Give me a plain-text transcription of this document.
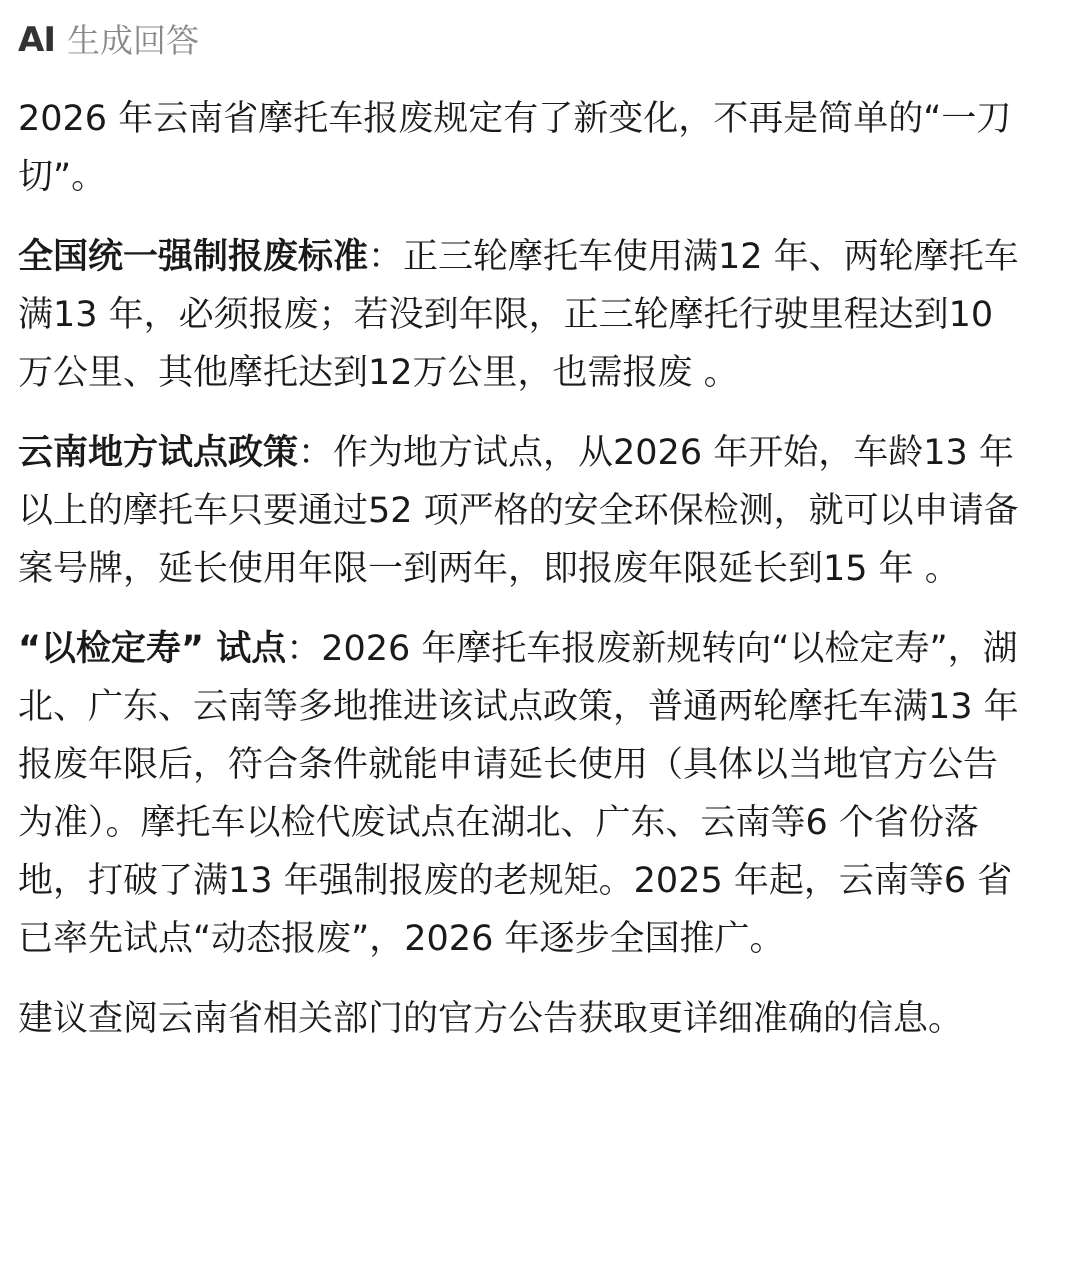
AI 生成回答

2026 年云南省摩托车报废规定有了新变化，不再是简单的“一刀切”。

全国统一强制报废标准：正三轮摩托车使用满12 年、两轮摩托车满13 年，必须报废；若没到年限，正三轮摩托行驶里程达到10万公里、其他摩托达到12万公里，也需报废 。

云南地方试点政策：作为地方试点，从2026 年开始，车龄13 年以上的摩托车只要通过52 项严格的安全环保检测，就可以申请备案号牌，延长使用年限一到两年，即报废年限延长到15 年 。

“以检定寿” 试点：2026 年摩托车报废新规转向“以检定寿”，湖北、广东、云南等多地推进该试点政策，普通两轮摩托车满13 年报废年限后，符合条件就能申请延长使用（具体以当地官方公告为准）。摩托车以检代废试点在湖北、广东、云南等6 个省份落地，打破了满13 年强制报废的老规矩。2025 年起，云南等6 省已率先试点“动态报废”，2026 年逐步全国推广。

建议查阅云南省相关部门的官方公告获取更详细准确的信息。
